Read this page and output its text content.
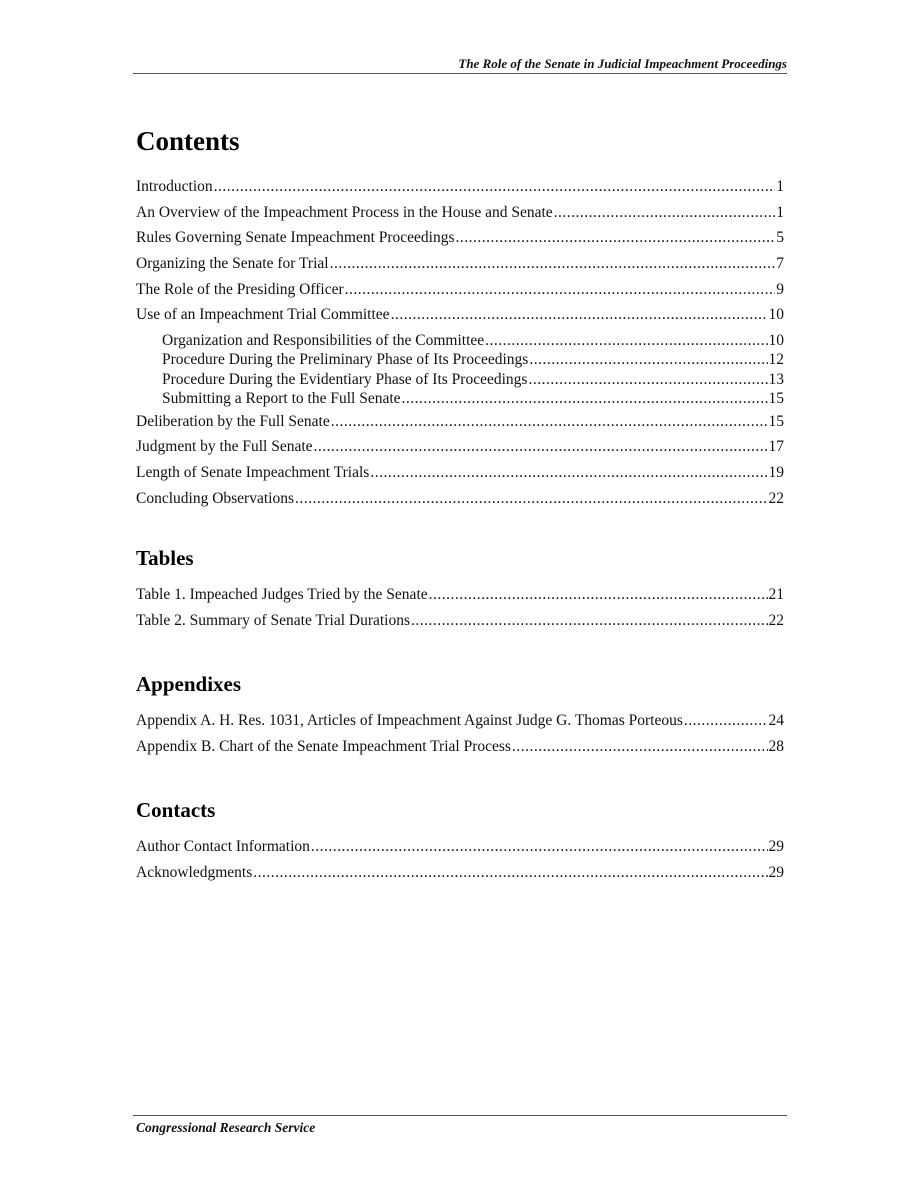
The Role of the Senate in Judicial Impeachment Proceedings
Contents
Introduction .....	1
An Overview of the Impeachment Process in the House and Senate .....	1
Rules Governing Senate Impeachment Proceedings .....	5
Organizing the Senate for Trial .....	7
The Role of the Presiding Officer .....	9
Use of an Impeachment Trial Committee .....	10
Organization and Responsibilities of the Committee .....	10
Procedure During the Preliminary Phase of Its Proceedings .....	12
Procedure During the Evidentiary Phase of Its Proceedings .....	13
Submitting a Report to the Full Senate .....	15
Deliberation by the Full Senate .....	15
Judgment by the Full Senate .....	17
Length of Senate Impeachment Trials .....	19
Concluding Observations .....	22
Tables
Table 1. Impeached Judges Tried by the Senate .....	21
Table 2. Summary of Senate Trial Durations .....	22
Appendixes
Appendix A. H. Res. 1031, Articles of Impeachment Against Judge G. Thomas Porteous .....	24
Appendix B. Chart of the Senate Impeachment Trial Process .....	28
Contacts
Author Contact Information .....	29
Acknowledgments .....	29
Congressional Research Service
